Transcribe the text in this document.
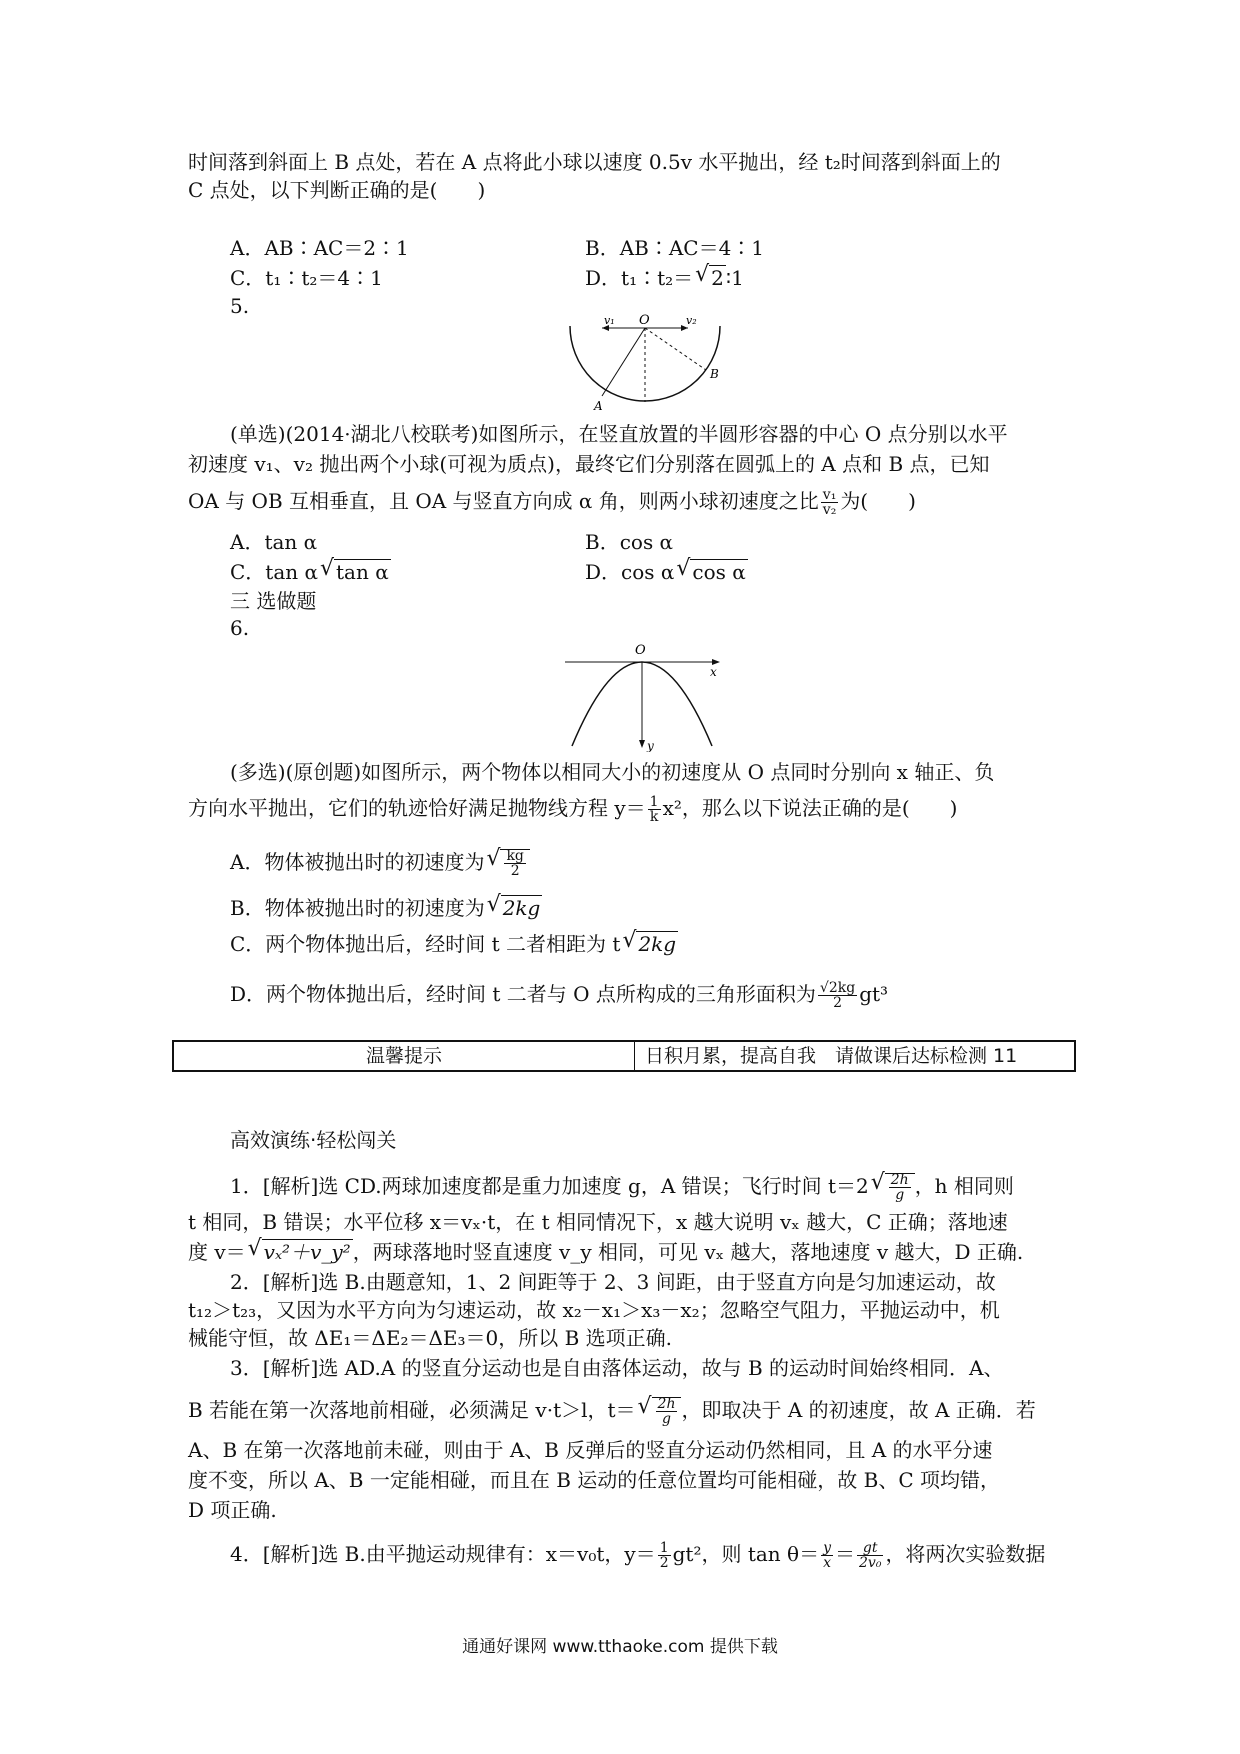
时间落到斜面上 B 点处，若在 A 点将此小球以速度 0.5v 水平抛出，经 t₂时间落到斜面上的
C 点处，以下判断正确的是(　　)
A．AB∶AC＝2∶1	B．AB∶AC＝4∶1
C．t₁∶t₂＝4∶1	D．t₁∶t₂＝ √ 2 ∶1
5.
O
v₁	v₂
A
B
(单选)(2014·湖北八校联考)如图所示，在竖直放置的半圆形容器的中心 O 点分别以水平
初速度 v₁、v₂ 抛出两个小球(可视为质点)，最终它们分别落在圆弧上的 A 点和 B 点，已知
OA 与 OB 互相垂直，且 OA 与竖直方向成 α 角，则两小球初速度之比 $\frac{\text{v₁}}{\text{v₂}}$ 为(　　)
A．tan α	B．cos α
C．tan α √ tan α	D．cos α √ cos α
三 选做题
6.
O
x
y
(多选)(原创题)如图所示，两个物体以相同大小的初速度从 O 点同时分别向 x 轴正、负
方向水平抛出，它们的轨迹恰好满足抛物线方程 $y= \frac{1}{k} x^2$，那么以下说法正确的是(　　)
A．物体被抛出时的初速度为 √ $\frac{kg}{2}$
B．物体被抛出时的初速度为 √ 2kg
C．两个物体抛出后，经时间 t 二者相距为 t √ 2kg
D．两个物体抛出后，经时间 t 二者与 O 点所构成的三角形面积为 $\frac{√2kg}{2} gt^3$
温馨提示	日积月累，提高自我　请做课后达标检测 11
高效演练·轻松闯关
1．[解析]选 CD.两球加速度都是重力加速度 g，A 错误；飞行时间 t＝2 √ $\frac{2h}{g}$ ，h 相同则
t 相同，B 错误；水平位移 x＝vₓ·t，在 t 相同情况下，x 越大说明 vₓ 越大，C 正确；落地速
度 v＝ √ vₓ²＋v_y² ，两球落地时竖直速度 v_y 相同，可见 vₓ 越大，落地速度 v 越大，D 正确.
2．[解析]选 B.由题意知，1、2 间距等于 2、3 间距，由于竖直方向是匀加速运动，故
t₁₂＞t₂₃，又因为水平方向为匀速运动，故 x₂－x₁＞x₃－x₂；忽略空气阻力，平抛运动中，机
械能守恒，故 ΔE₁＝ΔE₂＝ΔE₃＝0，所以 B 选项正确.
3．[解析]选 AD.A 的竖直分运动也是自由落体运动，故与 B 的运动时间始终相同．A、
B 若能在第一次落地前相碰，必须满足 v·t＞l，t＝ √ $\frac{2h}{g}$ ，即取决于 A 的初速度，故 A 正确．若
A、B 在第一次落地前未碰，则由于 A、B 反弹后的竖直分运动仍然相同，且 A 的水平分速
度不变，所以 A、B 一定能相碰，而且在 B 运动的任意位置均可能相碰，故 B、C 项均错，
D 项正确.
4．[解析]选 B.由平抛运动规律有：x＝v₀t，$y= \frac{1}{2} gt^2$，则 $\tan \theta= \frac{y}{x} = \frac{gt}{\text{2v₀}}$ ，将两次实验数据
通通好课网 www.tthaoke.com 提供下载
